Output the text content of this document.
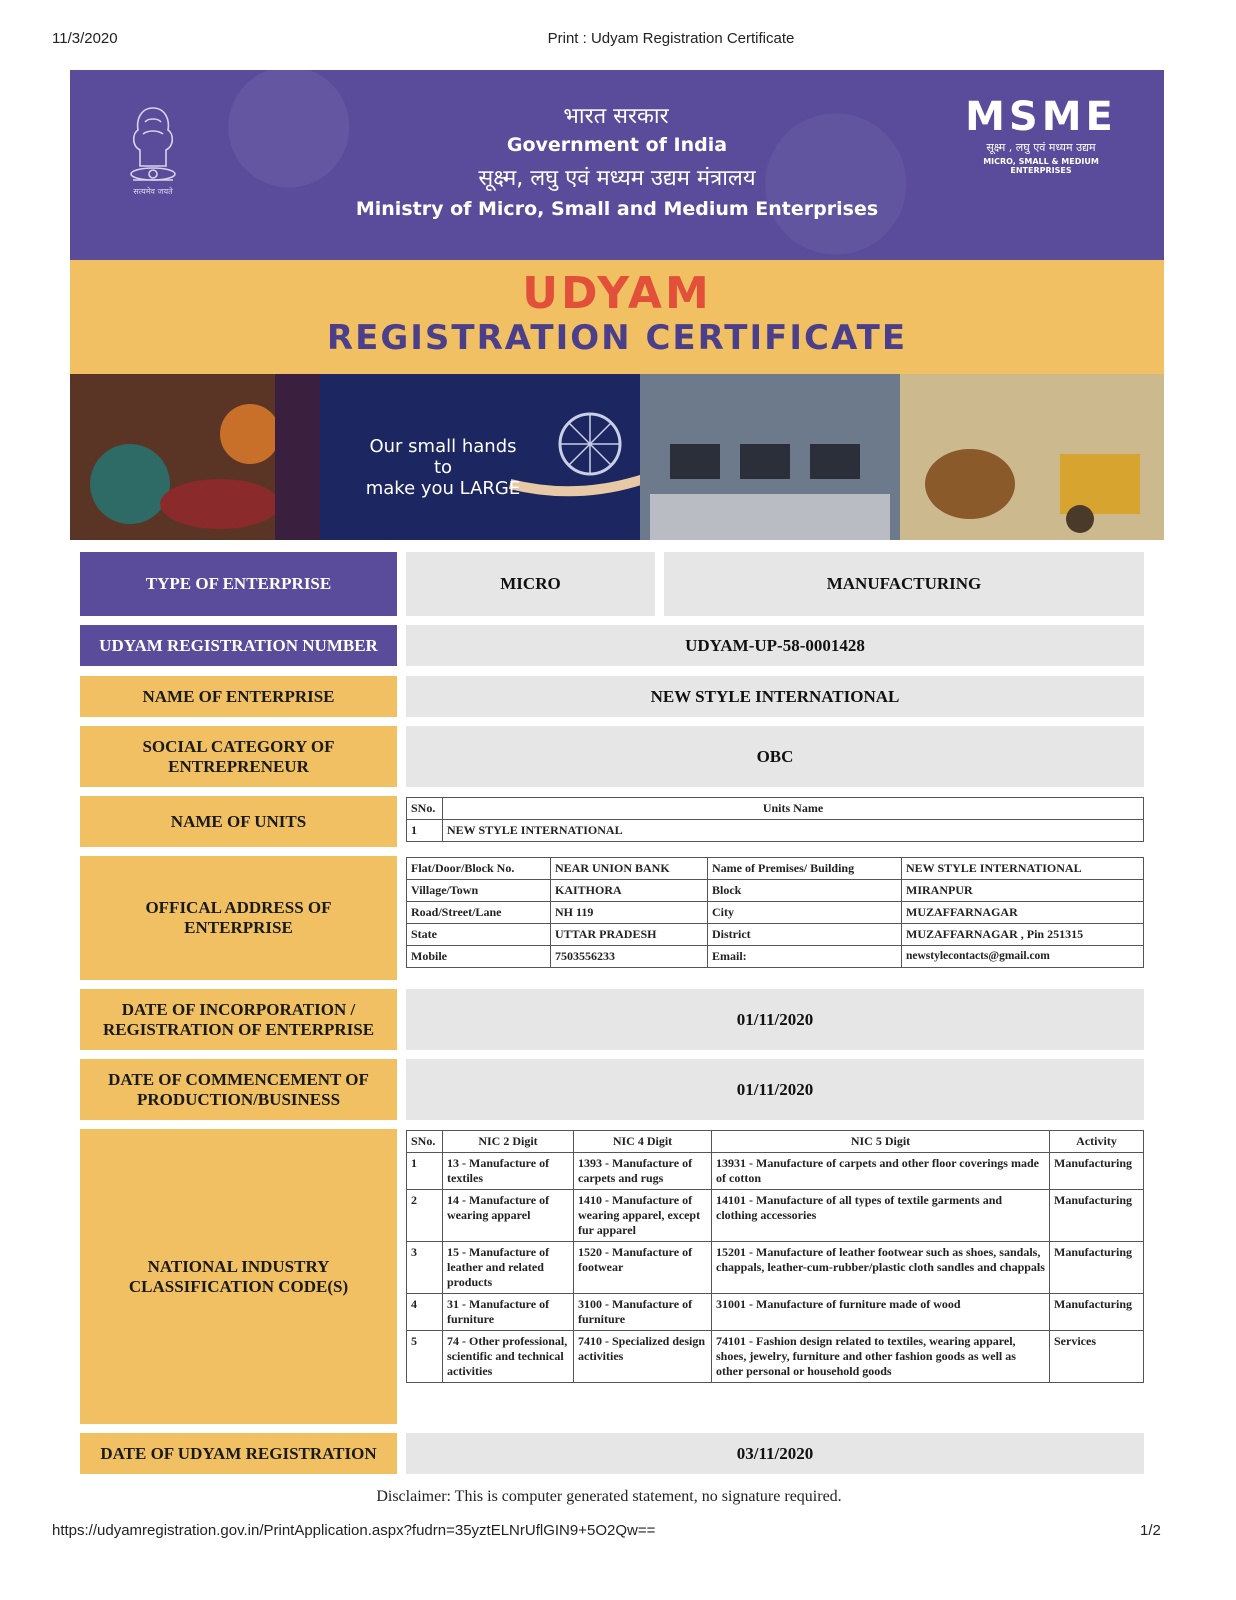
11/3/2020	Print : Udyam Registration Certificate
सत्यमेव जयते
भारत सरकार
Government of India
सूक्ष्म, लघु एवं मध्यम उद्यम मंत्रालय
Ministry of Micro, Small and Medium Enterprises
MSME
सूक्ष्म , लघु एवं मध्यम उद्यम
MICRO, SMALL & MEDIUM ENTERPRISES
UDYAM
REGISTRATION CERTIFICATE
Our small hands to
make you LARGE
TYPE OF ENTERPRISE	MICRO	MANUFACTURING
UDYAM REGISTRATION NUMBER	UDYAM-UP-58-0001428
NAME OF ENTERPRISE	NEW STYLE INTERNATIONAL
SOCIAL CATEGORY OF ENTREPRENEUR
OBC
NAME OF UNITS
SNo.	Units Name
1	NEW STYLE INTERNATIONAL
OFFICAL ADDRESS OF ENTERPRISE
Flat/Door/Block No.	NEAR UNION BANK	Name of Premises/ Building	NEW STYLE INTERNATIONAL
Village/Town	KAITHORA	Block	MIRANPUR
Road/Street/Lane	NH 119	City	MUZAFFARNAGAR
State	UTTAR PRADESH	District	MUZAFFARNAGAR , Pin 251315
Mobile	7503556233	Email:	newstylecontacts@gmail.com
DATE OF INCORPORATION / REGISTRATION OF ENTERPRISE
01/11/2020
DATE OF COMMENCEMENT OF PRODUCTION/BUSINESS
01/11/2020
NATIONAL INDUSTRY CLASSIFICATION CODE(S)
SNo.	NIC 2 Digit	NIC 4 Digit	NIC 5 Digit	Activity
1	13 - Manufacture of textiles	1393 - Manufacture of carpets and rugs	13931 - Manufacture of carpets and other floor coverings made of cotton	Manufacturing
2	14 - Manufacture of wearing apparel	1410 - Manufacture of wearing apparel, except fur apparel	14101 - Manufacture of all types of textile garments and clothing accessories	Manufacturing
3	15 - Manufacture of leather and related products	1520 - Manufacture of footwear	15201 - Manufacture of leather footwear such as shoes, sandals, chappals, leather-cum-rubber/plastic cloth sandles and chappals	Manufacturing
4	31 - Manufacture of furniture	3100 - Manufacture of furniture	31001 - Manufacture of furniture made of wood	Manufacturing
5	74 - Other professional, scientific and technical activities	7410 - Specialized design activities	74101 - Fashion design related to textiles, wearing apparel, shoes, jewelry, furniture and other fashion goods as well as other personal or household goods	Services
DATE OF UDYAM REGISTRATION	03/11/2020
Disclaimer: This is computer generated statement, no signature required.
https://udyamregistration.gov.in/PrintApplication.aspx?fudrn=35yztELNrUflGIN9+5O2Qw==	1/2
